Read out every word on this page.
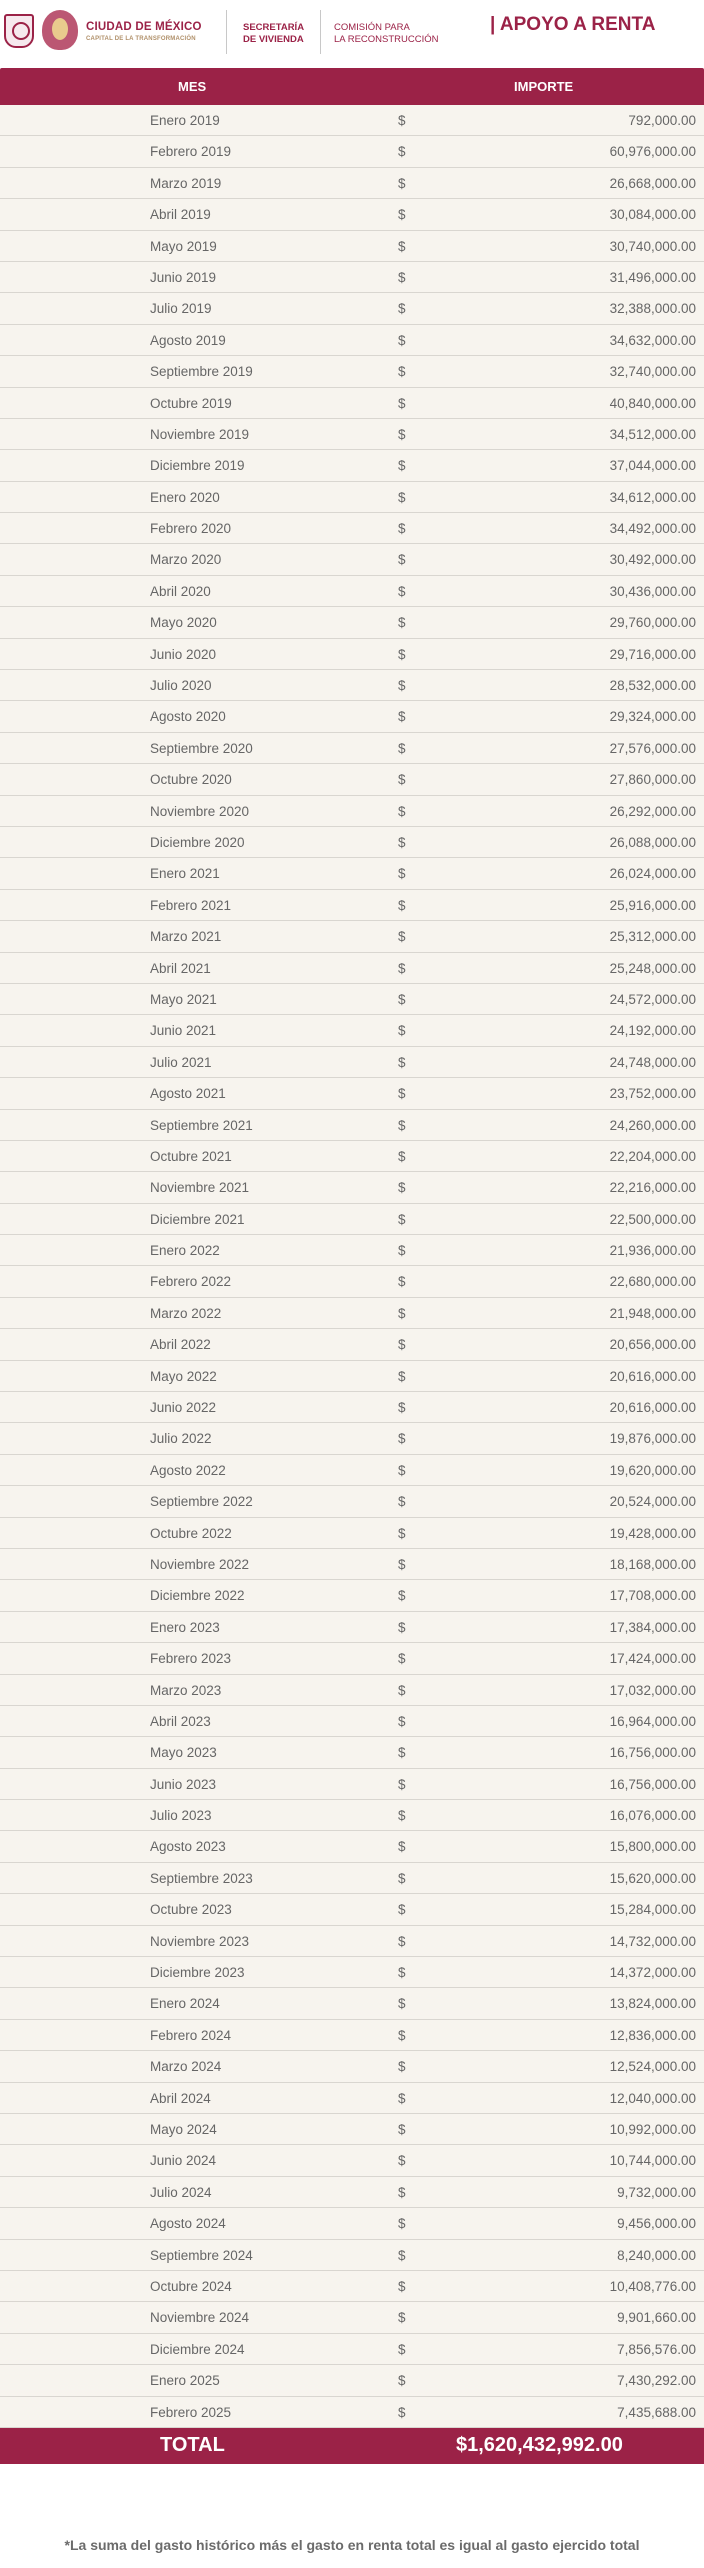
CIUDAD DE MÉXICO
CAPITAL DE LA TRANSFORMACIÓN
SECRETARÍA
DE VIVIENDA
COMISIÓN PARA
LA RECONSTRUCCIÓN
| APOYO A RENTA
MES	IMPORTE
Enero 2019	$	792,000.00
Febrero 2019	$	60,976,000.00
Marzo 2019	$	26,668,000.00
Abril 2019	$	30,084,000.00
Mayo 2019	$	30,740,000.00
Junio 2019	$	31,496,000.00
Julio 2019	$	32,388,000.00
Agosto 2019	$	34,632,000.00
Septiembre 2019	$	32,740,000.00
Octubre 2019	$	40,840,000.00
Noviembre 2019	$	34,512,000.00
Diciembre 2019	$	37,044,000.00
Enero 2020	$	34,612,000.00
Febrero 2020	$	34,492,000.00
Marzo 2020	$	30,492,000.00
Abril 2020	$	30,436,000.00
Mayo 2020	$	29,760,000.00
Junio 2020	$	29,716,000.00
Julio 2020	$	28,532,000.00
Agosto 2020	$	29,324,000.00
Septiembre 2020	$	27,576,000.00
Octubre 2020	$	27,860,000.00
Noviembre 2020	$	26,292,000.00
Diciembre 2020	$	26,088,000.00
Enero 2021	$	26,024,000.00
Febrero 2021	$	25,916,000.00
Marzo 2021	$	25,312,000.00
Abril 2021	$	25,248,000.00
Mayo 2021	$	24,572,000.00
Junio 2021	$	24,192,000.00
Julio 2021	$	24,748,000.00
Agosto 2021	$	23,752,000.00
Septiembre 2021	$	24,260,000.00
Octubre 2021	$	22,204,000.00
Noviembre 2021	$	22,216,000.00
Diciembre 2021	$	22,500,000.00
Enero 2022	$	21,936,000.00
Febrero 2022	$	22,680,000.00
Marzo 2022	$	21,948,000.00
Abril 2022	$	20,656,000.00
Mayo 2022	$	20,616,000.00
Junio 2022	$	20,616,000.00
Julio 2022	$	19,876,000.00
Agosto 2022	$	19,620,000.00
Septiembre 2022	$	20,524,000.00
Octubre 2022	$	19,428,000.00
Noviembre 2022	$	18,168,000.00
Diciembre 2022	$	17,708,000.00
Enero 2023	$	17,384,000.00
Febrero 2023	$	17,424,000.00
Marzo 2023	$	17,032,000.00
Abril 2023	$	16,964,000.00
Mayo 2023	$	16,756,000.00
Junio 2023	$	16,756,000.00
Julio 2023	$	16,076,000.00
Agosto 2023	$	15,800,000.00
Septiembre 2023	$	15,620,000.00
Octubre 2023	$	15,284,000.00
Noviembre 2023	$	14,732,000.00
Diciembre 2023	$	14,372,000.00
Enero 2024	$	13,824,000.00
Febrero 2024	$	12,836,000.00
Marzo 2024	$	12,524,000.00
Abril 2024	$	12,040,000.00
Mayo 2024	$	10,992,000.00
Junio 2024	$	10,744,000.00
Julio 2024	$	9,732,000.00
Agosto 2024	$	9,456,000.00
Septiembre 2024	$	8,240,000.00
Octubre 2024	$	10,408,776.00
Noviembre 2024	$	9,901,660.00
Diciembre 2024	$	7,856,576.00
Enero 2025	$	7,430,292.00
Febrero 2025	$	7,435,688.00
TOTAL	$1,620,432,992.00
*La suma del gasto histórico más el gasto en renta total es igual al gasto ejercido total
